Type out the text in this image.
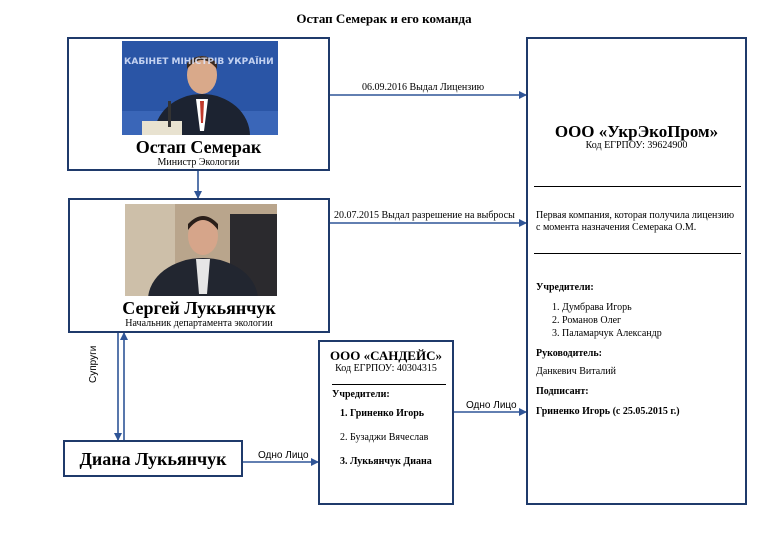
Остап Семерак и его команда
06.09.2016 Выдал Лицензию
20.07.2015 Выдал разрешение на выбросы
Супруги
Одно Лицо
Одно Лицо
КАБІНЕТ МІНІСТРІВ УКРАЇНИ
Остап Семерак
Министр Экологии
Сергей Лукьянчук
Начальник департамента экологии
Диана Лукьянчук
ООО «САНДЕЙС»
Код ЕГРПОУ: 40304315
Учредители:
1. Гриненко Игорь
2. Бузаджи Вячеслав
3. Лукьянчук Диана
ООО «УкрЭкоПром»
Код ЕГРПОУ: 39624900
Первая компания, которая получила лицензию
с момента назначения Семерака О.М.
Учредители:
1. Думбрава Игорь
2. Романов Олег
3. Паламарчук Александр
Руководитель:
Данкевич Виталий
Подписант:
Гриненко Игорь (с 25.05.2015 г.)
